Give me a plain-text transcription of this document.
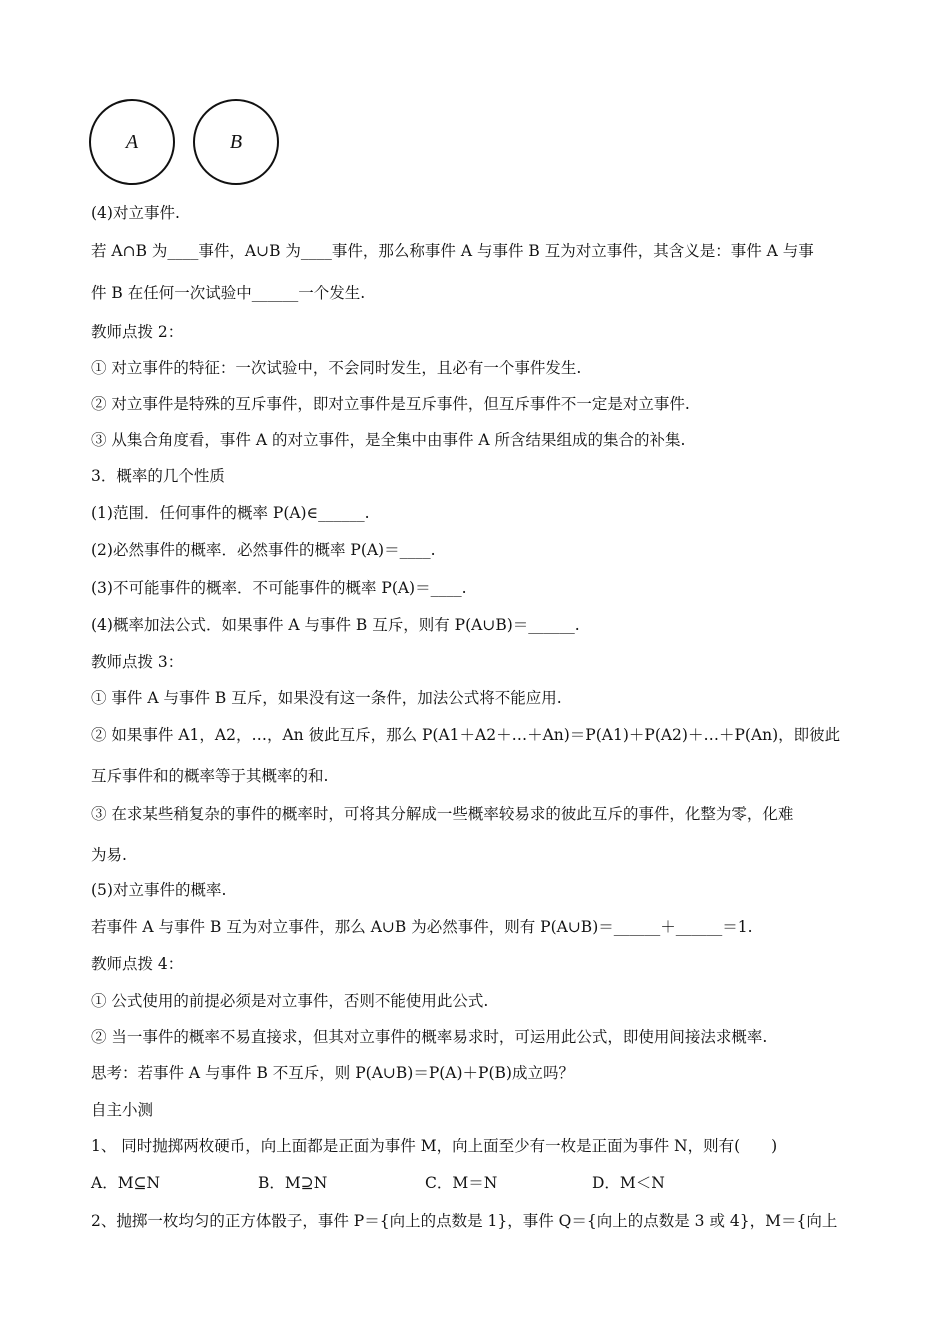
A	B
(4)对立事件.
若 A∩B 为____事件，A∪B 为____事件，那么称事件 A 与事件 B 互为对立事件，其含义是：事件 A 与事
件 B 在任何一次试验中______一个发生.
教师点拨 2：
① 对立事件的特征：一次试验中，不会同时发生，且必有一个事件发生.
② 对立事件是特殊的互斥事件，即对立事件是互斥事件，但互斥事件不一定是对立事件.
③ 从集合角度看，事件 A 的对立事件，是全集中由事件 A 所含结果组成的集合的补集.
3．概率的几个性质
(1)范围．任何事件的概率 P(A)∈______.
(2)必然事件的概率．必然事件的概率 P(A)＝____.
(3)不可能事件的概率．不可能事件的概率 P(A)＝____.
(4)概率加法公式．如果事件 A 与事件 B 互斥，则有 P(A∪B)＝______.
教师点拨 3：
① 事件 A 与事件 B 互斥，如果没有这一条件，加法公式将不能应用.
② 如果事件 A1，A2，…，An 彼此互斥，那么 P(A1＋A2＋…＋An)＝P(A1)＋P(A2)＋…＋P(An)，即彼此
互斥事件和的概率等于其概率的和.
③ 在求某些稍复杂的事件的概率时，可将其分解成一些概率较易求的彼此互斥的事件，化整为零，化难
为易.
(5)对立事件的概率.
若事件 A 与事件 B 互为对立事件，那么 A∪B 为必然事件，则有 P(A∪B)＝______＋______＝1.
教师点拨 4：
① 公式使用的前提必须是对立事件，否则不能使用此公式.
② 当一事件的概率不易直接求，但其对立事件的概率易求时，可运用此公式，即使用间接法求概率.
思考：若事件 A 与事件 B 不互斥，则 P(A∪B)＝P(A)＋P(B)成立吗？
自主小测
1、 同时抛掷两枚硬币，向上面都是正面为事件 M，向上面至少有一枚是正面为事件 N，则有(　　)
A．M⊆N	B．M⊇N	C．M＝N	D．M＜N
2、抛掷一枚均匀的正方体骰子，事件 P＝{向上的点数是 1}，事件 Q＝{向上的点数是 3 或 4}，M＝{向上
